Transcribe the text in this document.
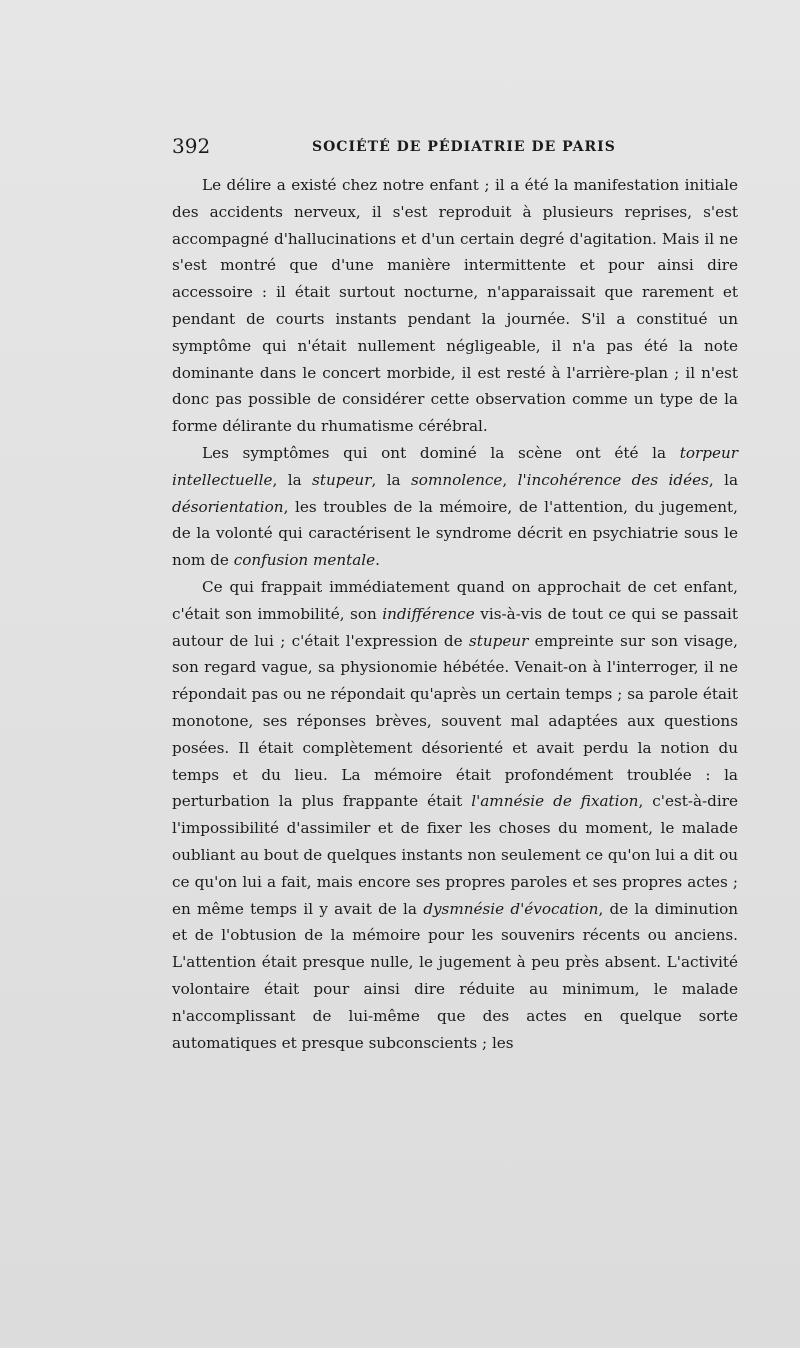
392	SOCIÉTÉ DE PÉDIATRIE DE PARIS

Le délire a existé chez notre enfant ; il a été la manifestation initiale des accidents nerveux, il s'est reproduit à plusieurs reprises, s'est accompagné d'hallucinations et d'un certain degré d'agitation. Mais il ne s'est montré que d'une manière intermittente et pour ainsi dire accessoire : il était surtout nocturne, n'apparaissait que rarement et pendant de courts instants pendant la journée. S'il a constitué un symptôme qui n'était nullement négligeable, il n'a pas été la note dominante dans le concert morbide, il est resté à l'arrière-plan ; il n'est donc pas possible de considérer cette observation comme un type de la forme délirante du rhumatisme cérébral.

Les symptômes qui ont dominé la scène ont été la torpeur intellectuelle, la stupeur, la somnolence, l'incohérence des idées, la désorientation, les troubles de la mémoire, de l'attention, du jugement, de la volonté qui caractérisent le syndrome décrit en psychiatrie sous le nom de confusion mentale.

Ce qui frappait immédiatement quand on approchait de cet enfant, c'était son immobilité, son indifférence vis-à-vis de tout ce qui se passait autour de lui ; c'était l'expression de stupeur empreinte sur son visage, son regard vague, sa physionomie hébétée. Venait-on à l'interroger, il ne répondait pas ou ne répondait qu'après un certain temps ; sa parole était monotone, ses réponses brèves, souvent mal adaptées aux questions posées. Il était complètement désorienté et avait perdu la notion du temps et du lieu. La mémoire était profondément troublée : la perturbation la plus frappante était l'amnésie de fixation, c'est-à-dire l'impossibilité d'assimiler et de fixer les choses du moment, le malade oubliant au bout de quelques instants non seulement ce qu'on lui a dit ou ce qu'on lui a fait, mais encore ses propres paroles et ses propres actes ; en même temps il y avait de la dysmnésie d'évocation, de la diminution et de l'obtusion de la mémoire pour les souvenirs récents ou anciens. L'attention était presque nulle, le jugement à peu près absent. L'activité volontaire était pour ainsi dire réduite au minimum, le malade n'accomplissant de lui-même que des actes en quelque sorte automatiques et presque subconscients ; les
